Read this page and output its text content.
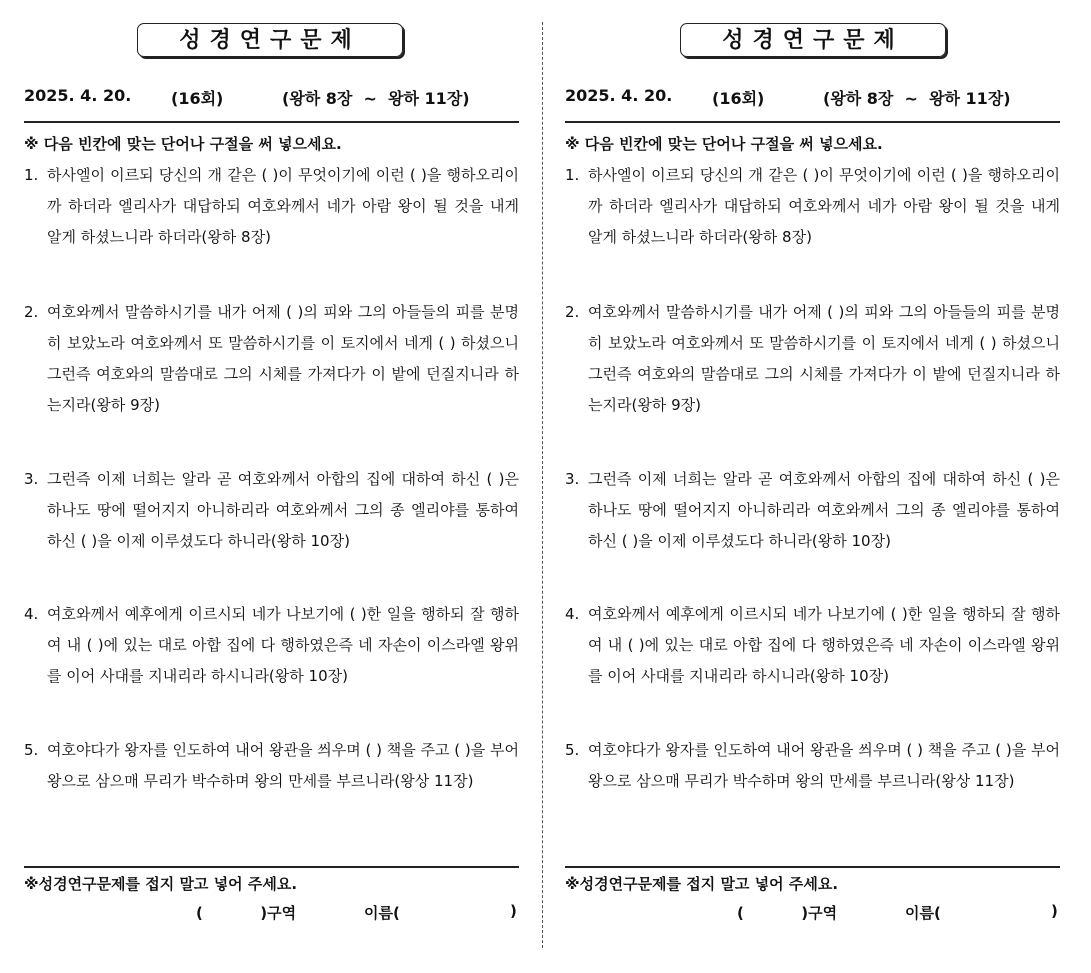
성경연구문제
2025. 4. 20. (16회)	(왕하 8장  ~  왕하 11장)
※ 다음 빈칸에 맞는 단어나 구절을 써 넣으세요.
1. 하사엘이 이르되 당신의 개 같은 ( )이 무엇이기에 이런 ( )을 행하오리이까 하더라 엘리사가 대답하되 여호와께서 네가 아람 왕이 될 것을 내게 알게 하셨느니라 하더라(왕하 8장)
2. 여호와께서 말씀하시기를 내가 어제 ( )의 피와 그의 아들들의 피를 분명히 보았노라 여호와께서 또 말씀하시기를 이 토지에서 네게 ( ) 하셨으니 그런즉 여호와의 말씀대로 그의 시체를 가져다가 이 밭에 던질지니라 하는지라(왕하 9장)
3. 그런즉 이제 너희는 알라 곧 여호와께서 아합의 집에 대하여 하신 ( )은 하나도 땅에 떨어지지 아니하리라 여호와께서 그의 종 엘리야를 통하여 하신 ( )을 이제 이루셨도다 하니라(왕하 10장)
4. 여호와께서 예후에게 이르시되 네가 나보기에 ( )한 일을 행하되 잘 행하여 내 ( )에 있는 대로 아합 집에 다 행하였은즉 네 자손이 이스라엘 왕위를 이어 사대를 지내리라 하시니라(왕하 10장)
5. 여호야다가 왕자를 인도하여 내어 왕관을 씌우며 ( ) 책을 주고 ( )을 부어 왕으로 삼으매 무리가 박수하며 왕의 만세를 부르니라(왕상 11장)
※성경연구문제를 접지 말고 넣어 주세요.
(           )구역	이름(	)
성경연구문제
2025. 4. 20. (16회)	(왕하 8장  ~  왕하 11장)
※ 다음 빈칸에 맞는 단어나 구절을 써 넣으세요.
1. 하사엘이 이르되 당신의 개 같은 ( )이 무엇이기에 이런 ( )을 행하오리이까 하더라 엘리사가 대답하되 여호와께서 네가 아람 왕이 될 것을 내게 알게 하셨느니라 하더라(왕하 8장)
2. 여호와께서 말씀하시기를 내가 어제 ( )의 피와 그의 아들들의 피를 분명히 보았노라 여호와께서 또 말씀하시기를 이 토지에서 네게 ( ) 하셨으니 그런즉 여호와의 말씀대로 그의 시체를 가져다가 이 밭에 던질지니라 하는지라(왕하 9장)
3. 그런즉 이제 너희는 알라 곧 여호와께서 아합의 집에 대하여 하신 ( )은 하나도 땅에 떨어지지 아니하리라 여호와께서 그의 종 엘리야를 통하여 하신 ( )을 이제 이루셨도다 하니라(왕하 10장)
4. 여호와께서 예후에게 이르시되 네가 나보기에 ( )한 일을 행하되 잘 행하여 내 ( )에 있는 대로 아합 집에 다 행하였은즉 네 자손이 이스라엘 왕위를 이어 사대를 지내리라 하시니라(왕하 10장)
5. 여호야다가 왕자를 인도하여 내어 왕관을 씌우며 ( ) 책을 주고 ( )을 부어 왕으로 삼으매 무리가 박수하며 왕의 만세를 부르니라(왕상 11장)
※성경연구문제를 접지 말고 넣어 주세요.
(           )구역	이름(	)
